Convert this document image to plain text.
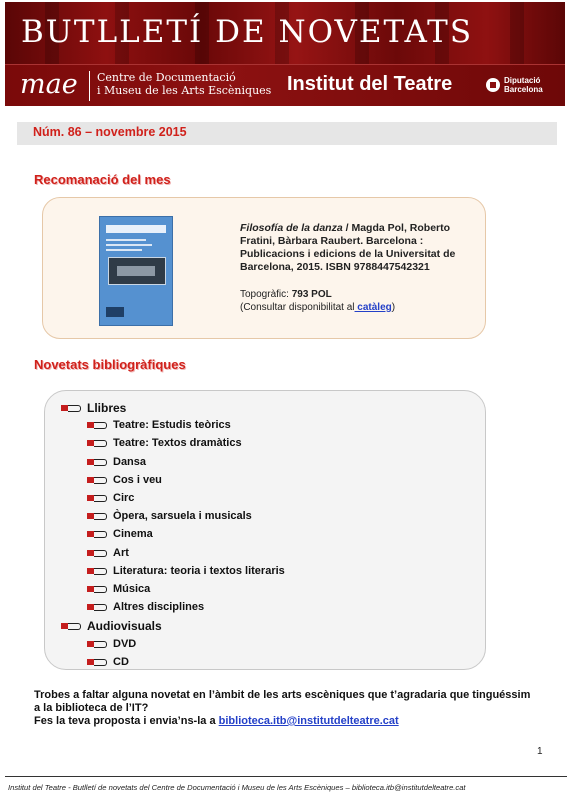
BUTLLETÍ DE NOVETATS
mae Centre de Documentació
i Museu de les Arts Escèniques Institut del Teatre	Diputació
Barcelona
Núm. 86 – novembre 2015
Recomanació del mes
Filosofía de la danza / Magda Pol, Roberto Fratini, Bàrbara Raubert. Barcelona : Publicacions i edicions de la Universitat de Barcelona, 2015. ISBN 9788447542321
Topogràfic: 793 POL
(Consultar disponibilitat al catàleg)
Novetats bibliogràfiques
Llibres
Teatre: Estudis teòrics
Teatre: Textos dramàtics
Dansa
Cos i veu
Circ
Òpera, sarsuela i musicals
Cinema
Art
Literatura: teoria i textos literaris
Música
Altres disciplines
Audiovisuals
DVD
CD
Trobes a faltar alguna novetat en l’àmbit de les arts escèniques que t’agradaria que tinguéssim a la biblioteca de l’IT?
Fes la teva proposta i envia’ns-la a biblioteca.itb@institutdelteatre.cat
1
Institut del Teatre - Butlletí de novetats del Centre de Documentació i Museu de les Arts Escèniques – biblioteca.itb@institutdelteatre.cat
